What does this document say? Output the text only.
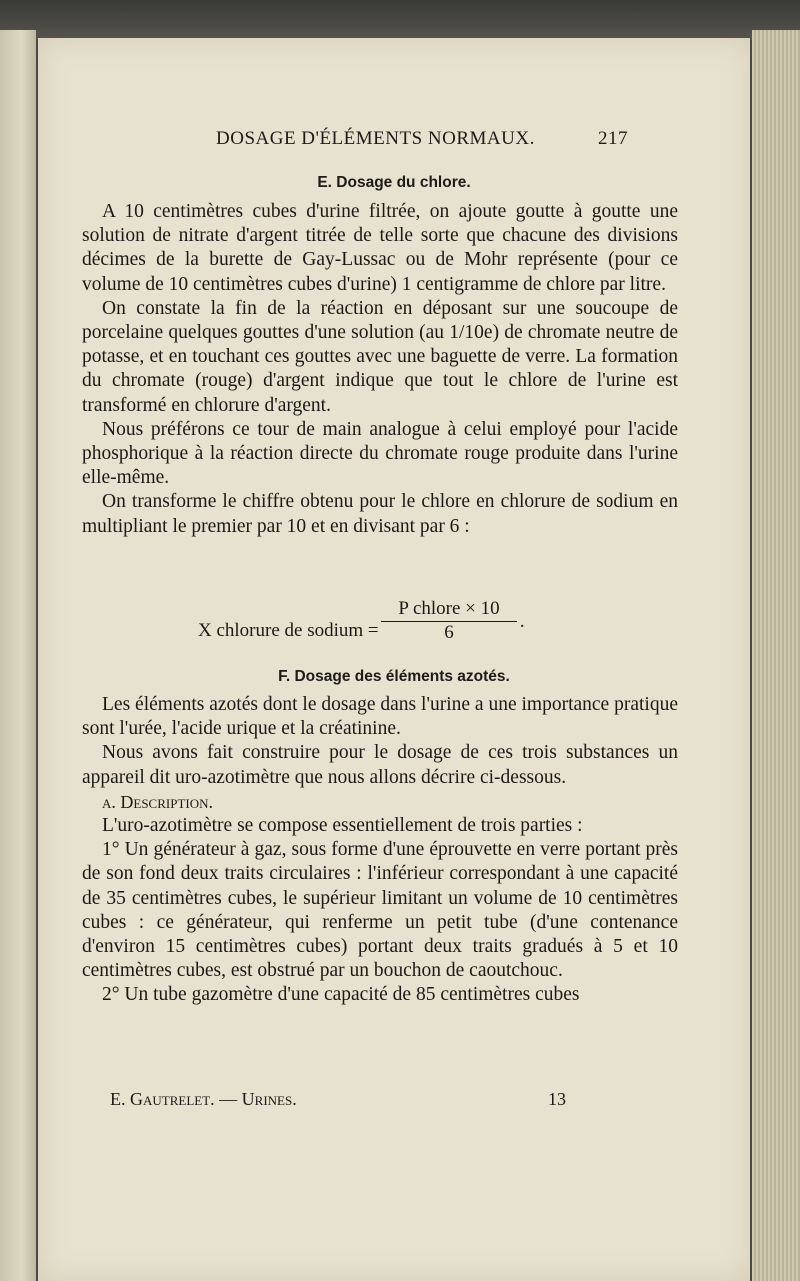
DOSAGE D'ÉLÉMENTS NORMAUX.	217
E. Dosage du chlore.

A 10 centimètres cubes d'urine filtrée, on ajoute goutte à goutte une solution de nitrate d'argent titrée de telle sorte que chacune des divisions décimes de la burette de Gay-Lussac ou de Mohr représente (pour ce volume de 10 centimètres cubes d'urine) 1 centigramme de chlore par litre.

On constate la fin de la réaction en déposant sur une soucoupe de porcelaine quelques gouttes d'une solution (au 1/10e) de chromate neutre de potasse, et en touchant ces gouttes avec une baguette de verre. La formation du chromate (rouge) d'argent indique que tout le chlore de l'urine est transformé en chlorure d'argent.

Nous préférons ce tour de main analogue à celui employé pour l'acide phosphorique à la réaction directe du chromate rouge produite dans l'urine elle-même.

On transforme le chiffre obtenu pour le chlore en chlorure de sodium en multipliant le premier par 10 et en divisant par 6 :

X chlorure de sodium =
P chlore × 10
6	·
F. Dosage des éléments azotés.

Les éléments azotés dont le dosage dans l'urine a une importance pratique sont l'urée, l'acide urique et la créatinine.

Nous avons fait construire pour le dosage de ces trois substances un appareil dit uro-azotimètre que nous allons décrire ci-dessous.

a. Description.

L'uro-azotimètre se compose essentiellement de trois parties :

1° Un générateur à gaz, sous forme d'une éprouvette en verre portant près de son fond deux traits circulaires : l'inférieur correspondant à une capacité de 35 centimètres cubes, le supérieur limitant un volume de 10 centimètres cubes : ce générateur, qui renferme un petit tube (d'une contenance d'environ 15 centimètres cubes) portant deux traits gradués à 5 et 10 centimètres cubes, est obstrué par un bouchon de caoutchouc.

2° Un tube gazomètre d'une capacité de 85 centimètres cubes

E. Gautrelet. — Urines.	13
